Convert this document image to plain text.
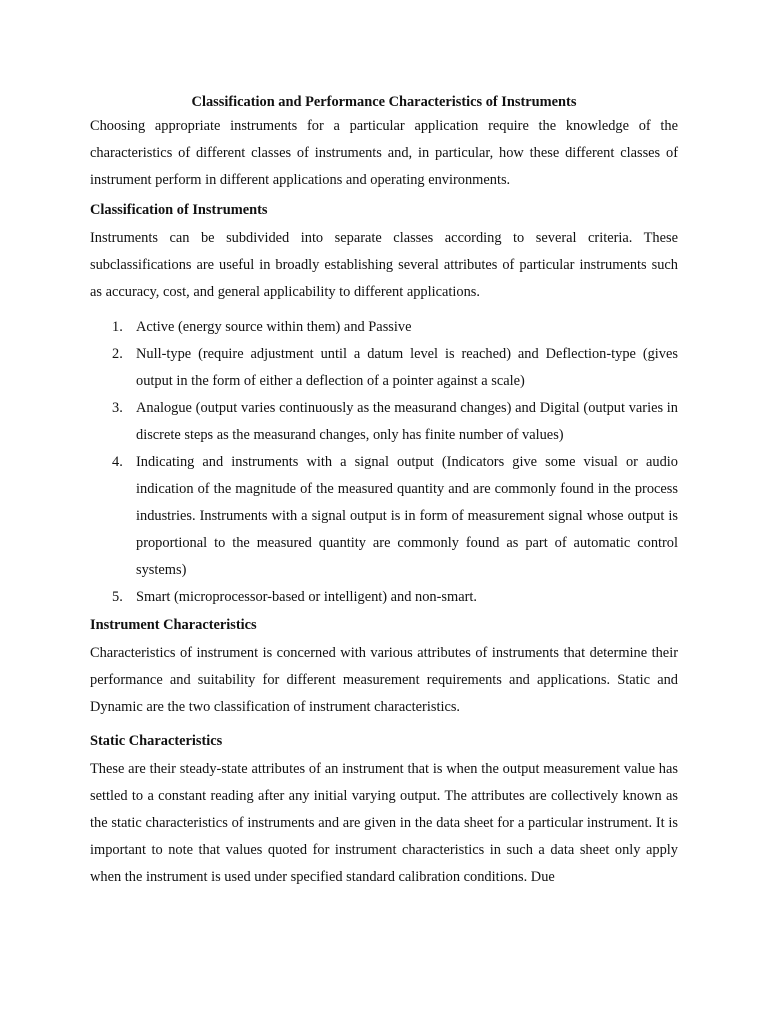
Classification and Performance Characteristics of Instruments

Choosing appropriate instruments for a particular application require the knowledge of the characteristics of different classes of instruments and, in particular, how these different classes of instrument perform in different applications and operating environments.

Classification of Instruments

Instruments can be subdivided into separate classes according to several criteria. These subclassifications are useful in broadly establishing several attributes of particular instruments such as accuracy, cost, and general applicability to different applications.

1. Active (energy source within them) and Passive
2. Null-type (require adjustment until a datum level is reached) and Deflection-type (gives output in the form of either a deflection of a pointer against a scale)
3. Analogue (output varies continuously as the measurand changes) and Digital (output varies in discrete steps as the measurand changes, only has finite number of values)
4. Indicating and instruments with a signal output (Indicators give some visual or audio indication of the magnitude of the measured quantity and are commonly found in the process industries. Instruments with a signal output is in form of measurement signal whose output is proportional to the measured quantity are commonly found as part of automatic control systems)
5. Smart (microprocessor-based or intelligent) and non-smart.
Instrument Characteristics

Characteristics of instrument is concerned with various attributes of instruments that determine their performance and suitability for different measurement requirements and applications. Static and Dynamic are the two classification of instrument characteristics.

Static Characteristics

These are their steady-state attributes of an instrument that is when the output measurement value has settled to a constant reading after any initial varying output. The attributes are collectively known as the static characteristics of instruments and are given in the data sheet for a particular instrument. It is important to note that values quoted for instrument characteristics in such a data sheet only apply when the instrument is used under specified standard calibration conditions. Due
